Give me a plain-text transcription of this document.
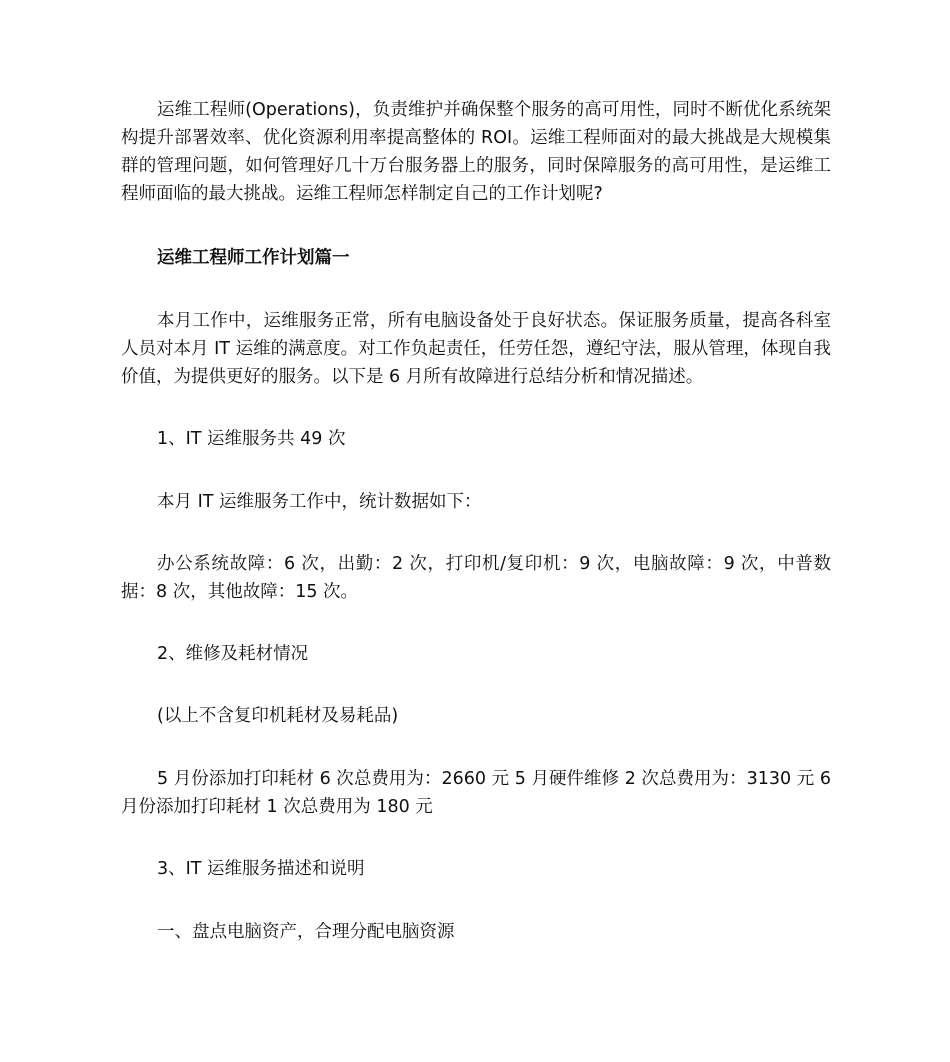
运维工程师(Operations)，负责维护并确保整个服务的高可用性，同时不断优化系统架构提升部署效率、优化资源利用率提高整体的 ROI。运维工程师面对的最大挑战是大规模集群的管理问题，如何管理好几十万台服务器上的服务，同时保障服务的高可用性，是运维工程师面临的最大挑战。运维工程师怎样制定自己的工作计划呢?

运维工程师工作计划篇一

本月工作中，运维服务正常，所有电脑设备处于良好状态。保证服务质量，提高各科室人员对本月 IT 运维的满意度。对工作负起责任，任劳任怨，遵纪守法，服从管理，体现自我价值，为提供更好的服务。以下是 6 月所有故障进行总结分析和情况描述。

1、IT 运维服务共 49 次

本月 IT 运维服务工作中，统计数据如下：

办公系统故障：6 次，出勤：2 次，打印机/复印机：9 次，电脑故障：9 次，中普数据：8 次，其他故障：15 次。

2、维修及耗材情况

(以上不含复印机耗材及易耗品)

5 月份添加打印耗材 6 次总费用为：2660 元 5 月硬件维修 2 次总费用为：3130 元 6 月份添加打印耗材 1 次总费用为 180 元

3、IT 运维服务描述和说明

一、盘点电脑资产，合理分配电脑资源
